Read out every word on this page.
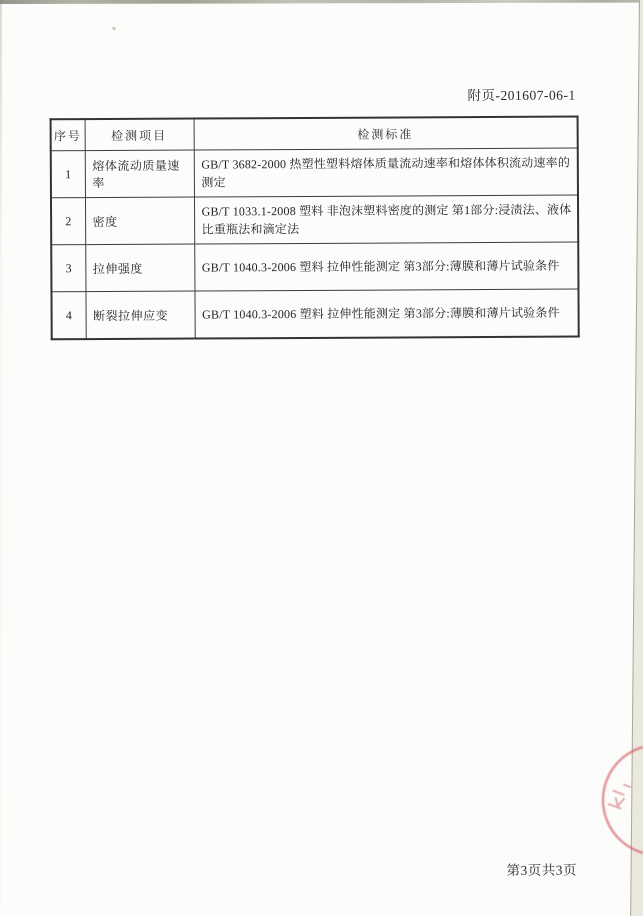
附页-201607-06-1
序号	检测项目	检测标准
1	熔体流动质量速率	GB/T 3682-2000 热塑性塑料熔体质量流动速率和熔体体积流动速率的测定
2	密度	GB/T 1033.1-2008 塑料 非泡沫塑料密度的测定 第1部分:浸渍法、液体比重瓶法和滴定法
3	拉伸强度	GB/T 1040.3-2006 塑料 拉伸性能测定 第3部分:薄膜和薄片试验条件
4	断裂拉伸应变	GB/T 1040.3-2006 塑料 拉伸性能测定 第3部分:薄膜和薄片试验条件
第3页共3页
